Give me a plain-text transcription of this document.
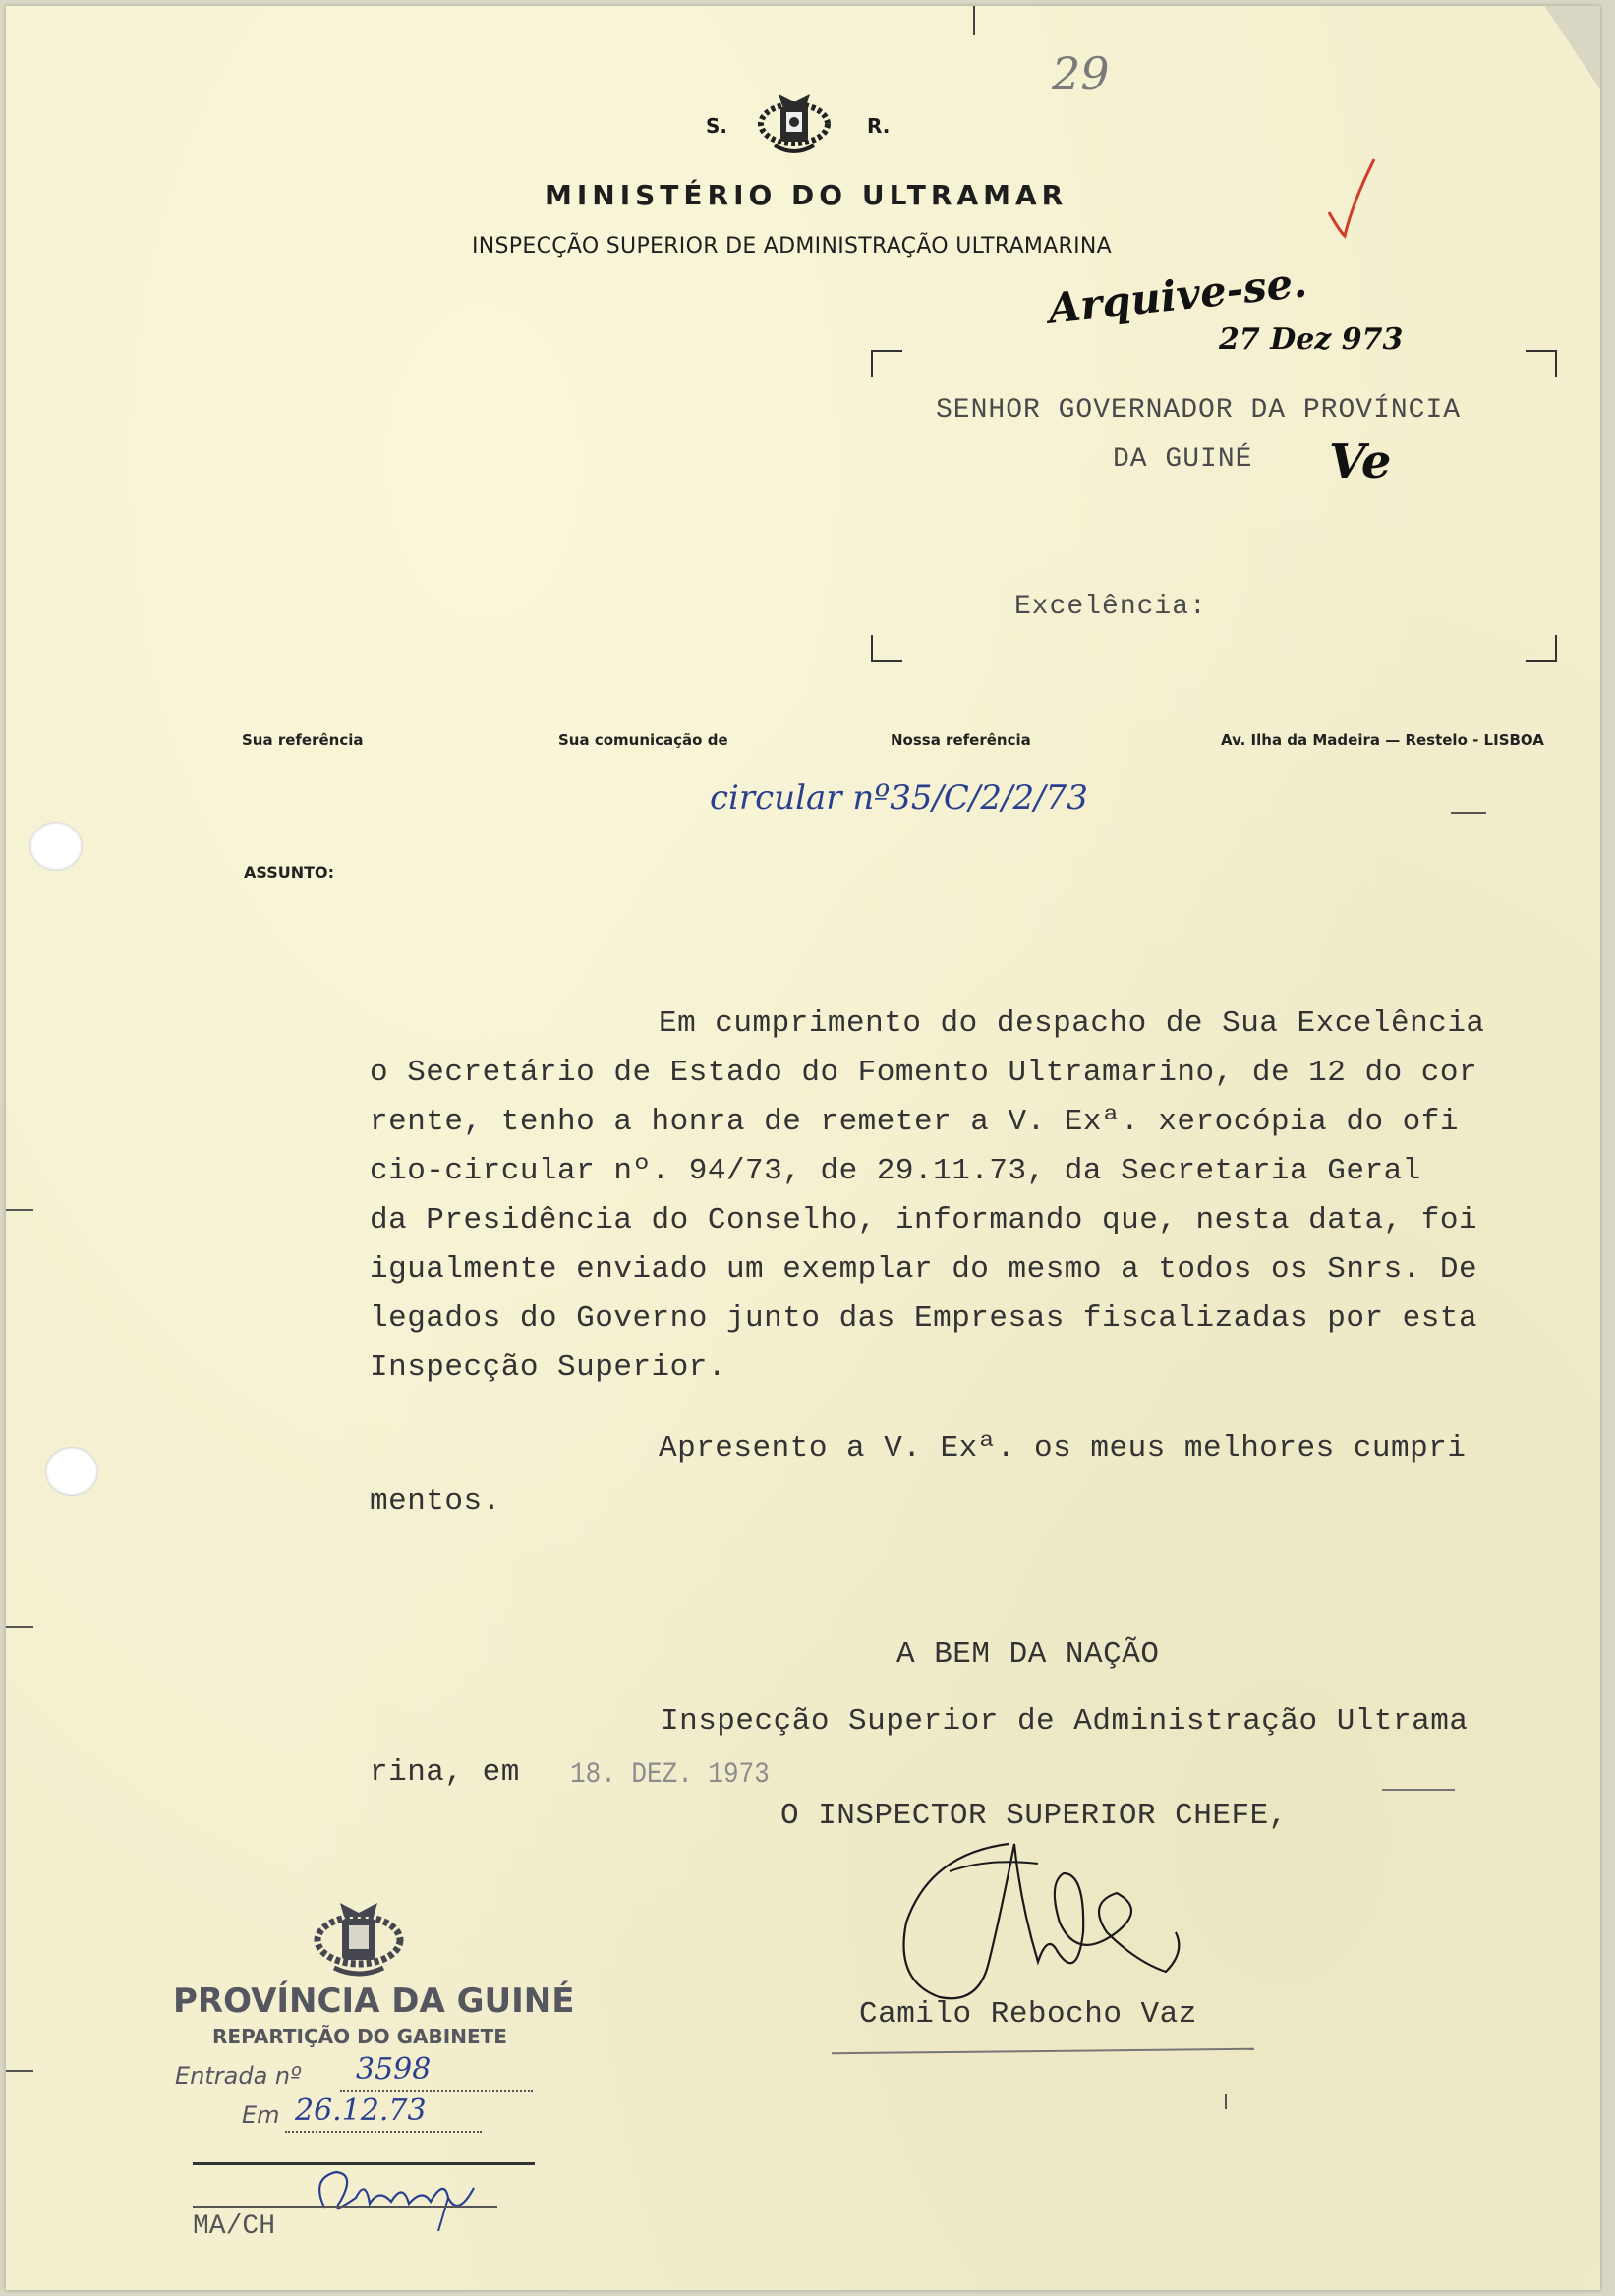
29
S.	R.
MINISTÉRIO DO ULTRAMAR
INSPECÇÃO SUPERIOR DE ADMINISTRAÇÃO ULTRAMARINA
Arquive-se.
27 Dez 973
SENHOR GOVERNADOR DA PROVÍNCIA
DA GUINÉ Ve
Excelência:
Sua referência	Sua comunicação de	Nossa referência	Av. Ilha da Madeira — Restelo - LISBOA
circular nº35/C/2/2/73
ASSUNTO:
Em cumprimento do despacho de Sua Excelência
o Secretário de Estado do Fomento Ultramarino, de 12 do cor
rente, tenho a honra de remeter a V. Exª. xerocópia do ofi
cio-circular nº. 94/73, de 29.11.73, da Secretaria Geral
da Presidência do Conselho, informando que, nesta data, foi
igualmente enviado um exemplar do mesmo a todos os Snrs. De
legados do Governo junto das Empresas fiscalizadas por esta
Inspecção Superior.
Apresento a V. Exª. os meus melhores cumpri
mentos.
A BEM DA NAÇÃO
Inspecção Superior de Administração Ultrama
rina, em 18. DEZ. 1973
O INSPECTOR SUPERIOR CHEFE,
Camilo Rebocho Vaz
PROVÍNCIA DA GUINÉ
REPARTIÇÃO DO GABINETE
Entrada nº 3598
Em 26.12.73
MA/CH
